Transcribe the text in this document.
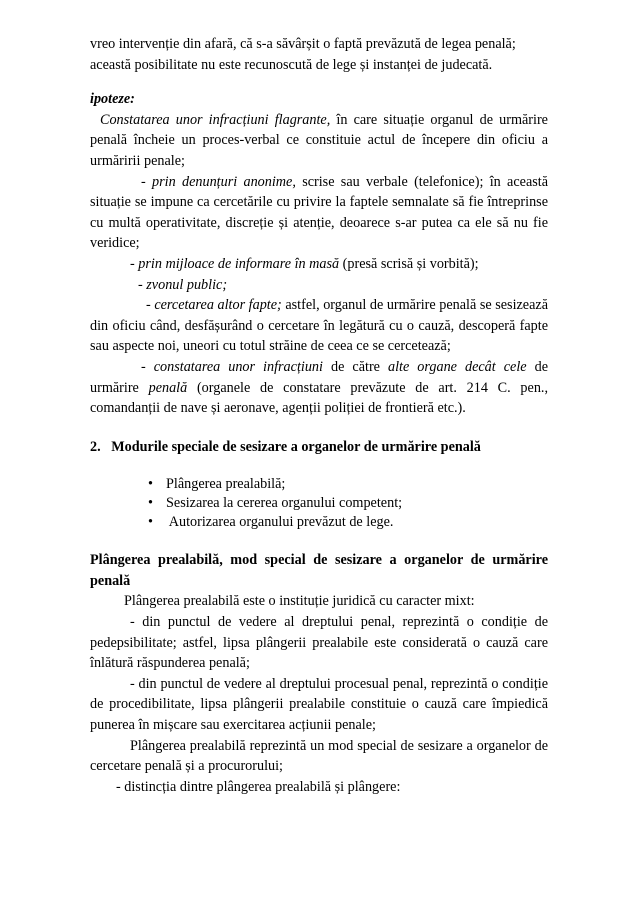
vreo intervenție din afară, că s-a săvârșit o faptă prevăzută de legea penală;
această posibilitate nu este recunoscută de lege și instanței de judecată.

ipoteze:

Constatarea unor infracțiuni flagrante, în care situație organul de urmărire penală încheie un proces-verbal ce constituie actul de începere din oficiu a urmăririi penale;

- prin denunțuri anonime, scrise sau verbale (telefonice); în această situație se impune ca cercetările cu privire la faptele semnalate să fie întreprinse cu multă operativitate, discreție și atenție, deoarece s-ar putea ca ele să nu fie veridice;

- prin mijloace de informare în masă (presă scrisă și vorbită);

- zvonul public;

- cercetarea altor fapte; astfel, organul de urmărire penală se sesizează din oficiu când, desfășurând o cercetare în legătură cu o cauză, descoperă fapte sau aspecte noi, uneori cu totul străine de ceea ce se cercetează;

- constatarea unor infracțiuni de către alte organe decât cele de urmărire penală (organele de constatare prevăzute de art. 214 C. pen., comandanții de nave și aeronave, agenții poliției de frontieră etc.).

2. Modurile speciale de sesizare a organelor de urmărire penală

• Plângerea prealabilă;
• Sesizarea la cererea organului competent;
• Autorizarea organului prevăzut de lege.

Plângerea prealabilă, mod special de sesizare a organelor de urmărire penală

Plângerea prealabilă este o instituție juridică cu caracter mixt:

- din punctul de vedere al dreptului penal, reprezintă o condiție de pedepsibilitate; astfel, lipsa plângerii prealabile este considerată o cauză care înlătură răspunderea penală;

- din punctul de vedere al dreptului procesual penal, reprezintă o condiție de procedibilitate, lipsa plângerii prealabile constituie o cauză care împiedică punerea în mișcare sau exercitarea acțiunii penale;

Plângerea prealabilă reprezintă un mod special de sesizare a organelor de cercetare penală și a procurorului;

- distincția dintre plângerea prealabilă și plângere:
